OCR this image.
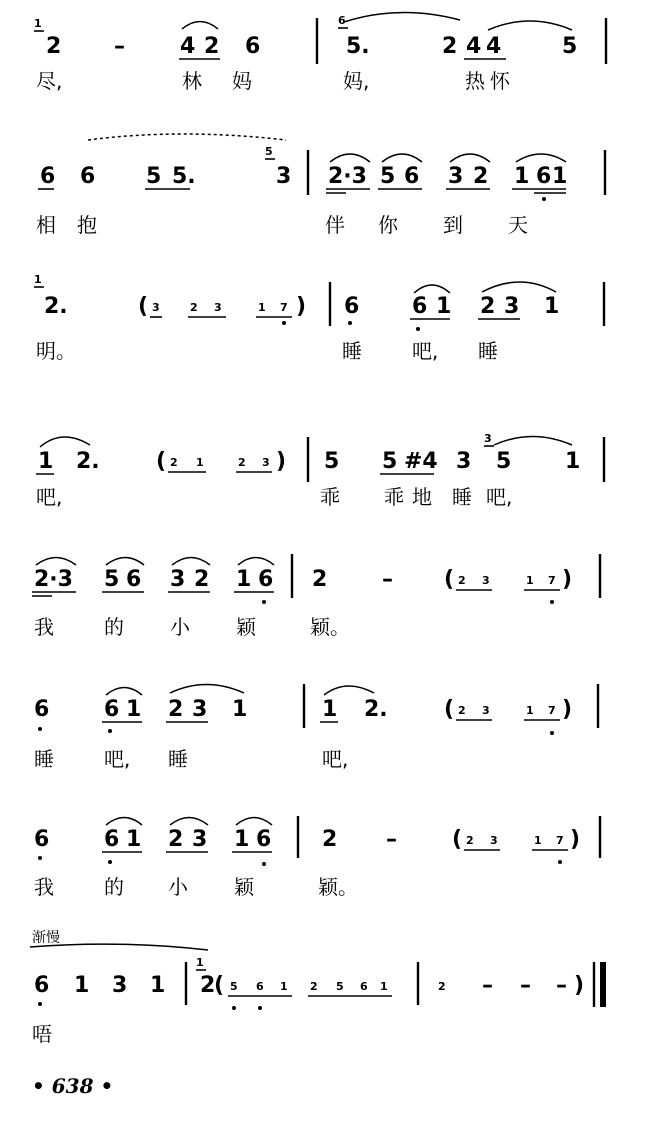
1
2 –	4 2 6
6
5.	2 4 4	5
尽,	林 妈	妈,	热 怀
6 6 5 5.
5
3 2·3 5 6 3 2 1 6 1
相 抱	伴 你 到 天
1
2.	( 3	2 3	1 7 ) 6 6 1 2 3 1
明。	睡	吧, 睡
1 2.	( 2 1	2 3 ) 5 5 #4 3
3
5 1
吧,	乖 乖 地 睡 吧,
2·3 5 6 3 2 1 6 2 – ( 2 3	1 7 )
我	的 小 颖	颖。
6 6 1 2 3 1	1 2.	( 2 3	1 7 )
睡	吧, 睡	吧,
6 6 1 2 3 1 6 2 –	( 2 3	1 7 )
我	的 小 颖	颖。
渐慢
6 1 3 1
1
2
( 5 6 1 2 5 6 1	2 – – – )
唔
• 638 •
